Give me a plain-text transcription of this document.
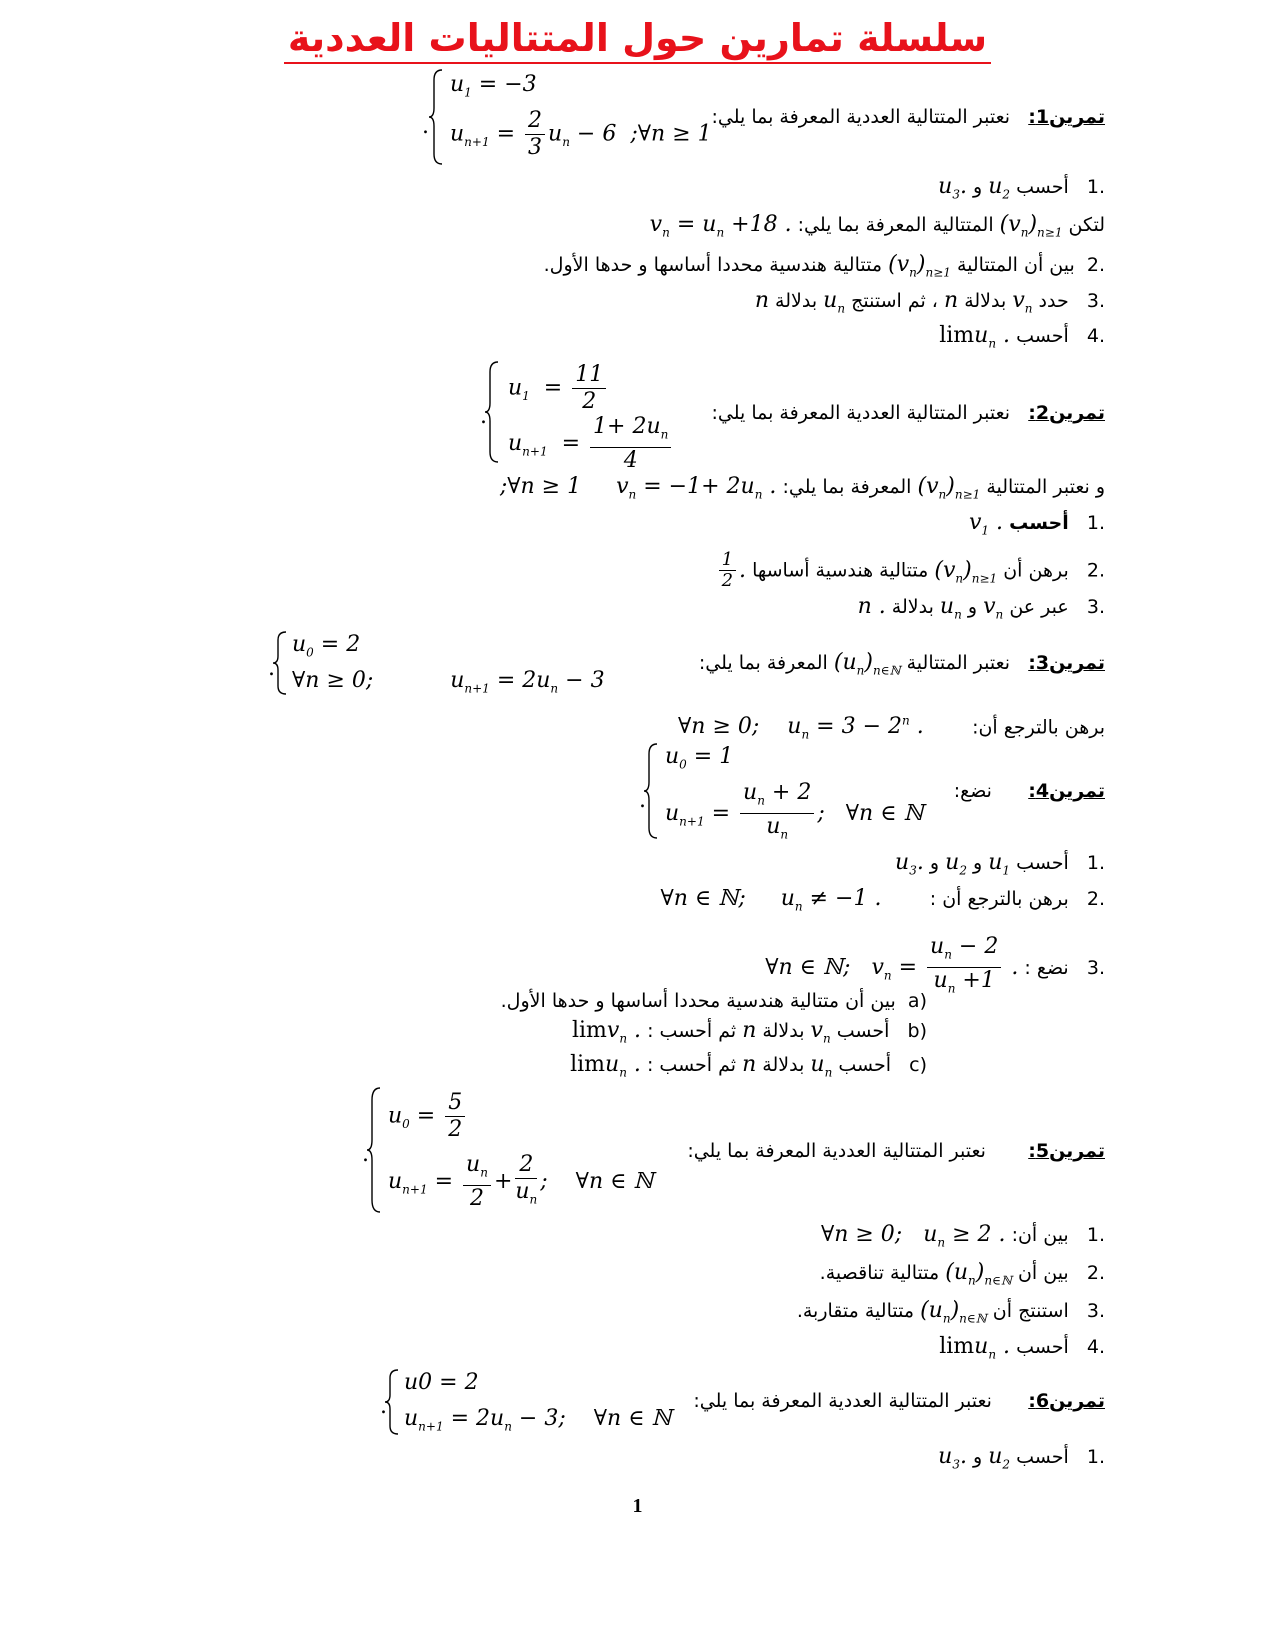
سلسلة تمارين حول المتتاليات العددية
$u_1 = -3$
$u_{n+1} = \frac{2}{3} u_n - 6$  ;∀n ≥ 1
.	تمرين1:   نعتبر المتتالية العددية المعرفة بما يلي:
.1   أحسب $u_2$ و $u_3$.
لتكن $(v_n)_{n\ge 1}$ المتتالية المعرفة بما يلي: $v_n = u_n +18$ .
.2  بين أن المتتالية $(v_n)_{n\ge 1}$ متتالية هندسية محددا أساسها و حدها الأول.
.3   حدد $v_n$ بدلالة n ، ثم استنتج $u_n$ بدلالة n
.4   أحسب limu$_n$ .
$u_1 = \frac{11}{2}$
$u_{n+1} = \frac{1+ 2u_n}{4}$
.	تمرين2:   نعتبر المتتالية العددية المعرفة بما يلي:
و نعتبر المتتالية $(v_n)_{n\ge 1}$ المعرفة بما يلي: ;∀n ≥ 1     $v_n = -1+ 2u_n$ .
.1   أحسب $v_1$ .
.2   برهن أن $(v_n)_{n\ge 1}$ متتالية هندسية أساسها
$\frac{1}{2}$ .
.3   عبر عن $v_n$ و $u_n$ بدلالة n .
$u_0 = 2$
∀n ≥ 0;           $u_{n+1} = 2u_n - 3$
.	تمرين3:   نعتبر المتتالية $(u_n)_{n\in ℕ}$ المعرفة بما يلي:
برهن بالترجع أن:        ∀n ≥ 0;    $u_n = 3 - 2^n$ .
$u_0 = 1$
$u_{n+1} = \frac{u_n + 2}{u_n}$ ;   ∀n ∈ ℕ
.	تمرين4:      نضع:
.1   أحسب $u_1$ و $u_2$ و $u_3$.
.2   برهن بالترجع أن :        ∀n ∈ ℕ;     $u_n \ne -1$ .
.3   نضع : ∀n ∈ ℕ;   $v_n = \frac{u_n - 2}{u_n +1}$ .
(a  بين أن متتالية هندسية محددا أساسها و حدها الأول.
(b   أحسب $v_n$ بدلالة n ثم أحسب : limv$_n$ .
(c   أحسب $u_n$ بدلالة n ثم أحسب : limu$_n$ .
$u_0 = \frac{5}{2}$
$u_{n+1} = \frac{u_n}{2} + \frac{2}{u_n}$ ;    ∀n ∈ ℕ
.	تمرين5:       نعتبر المتتالية العددية المعرفة بما يلي:
.1   بين أن: ∀n ≥ 0;   $u_n \ge 2$ .
.2   بين أن $(u_n)_{n\in ℕ}$ متتالية تناقصية.
.3   استنتج أن $(u_n)_{n\in ℕ}$ متتالية متقاربة.
.4   أحسب limu$_n$ .
u0 = 2
$u_{n+1} = 2u_n - 3$;    ∀n ∈ ℕ
.	تمرين6:      نعتبر المتتالية العددية المعرفة بما يلي:
.1   أحسب $u_2$ و $u_3$.
1
